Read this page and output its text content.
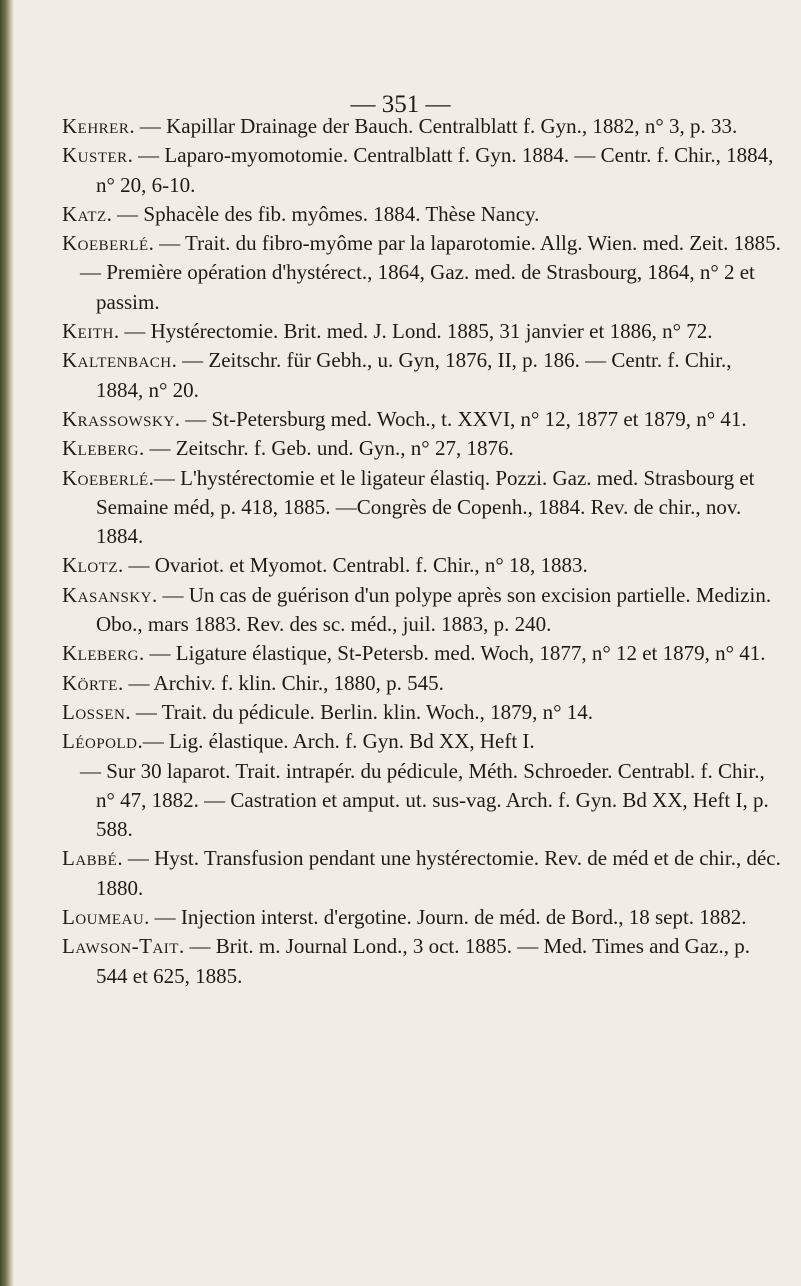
— 351 —

Kehrer. — Kapillar Drainage der Bauch. Centralblatt f. Gyn., 1882, n° 3, p. 33.

Kuster. — Laparo-myomotomie. Centralblatt f. Gyn. 1884. — Centr. f. Chir., 1884, n° 20, 6-10.

Katz. — Sphacèle des fib. myômes. 1884. Thèse Nancy.

Koeberlé. — Trait. du fibro-myôme par la laparotomie. Allg. Wien. med. Zeit. 1885.

— Première opération d'hystérect., 1864, Gaz. med. de Strasbourg, 1864, n° 2 et passim.

Keith. — Hystérectomie. Brit. med. J. Lond. 1885, 31 janvier et 1886, n° 72.

Kaltenbach. — Zeitschr. für Gebh., u. Gyn, 1876, II, p. 186. — Centr. f. Chir., 1884, n° 20.

Krassowsky. — St-Petersburg med. Woch., t. XXVI, n° 12, 1877 et 1879, n° 41.

Kleberg. — Zeitschr. f. Geb. und. Gyn., n° 27, 1876.

Koeberlé.— L'hystérectomie et le ligateur élastiq. Pozzi. Gaz. med. Strasbourg et Semaine méd, p. 418, 1885. —Congrès de Copenh., 1884. Rev. de chir., nov. 1884.

Klotz. — Ovariot. et Myomot. Centrabl. f. Chir., n° 18, 1883.

Kasansky. — Un cas de guérison d'un polype après son excision partielle. Medizin. Obo., mars 1883. Rev. des sc. méd., juil. 1883, p. 240.

Kleberg. — Ligature élastique, St-Petersb. med. Woch, 1877, n° 12 et 1879, n° 41.

Körte. — Archiv. f. klin. Chir., 1880, p. 545.

Lossen. — Trait. du pédicule. Berlin. klin. Woch., 1879, n° 14.

Léopold.— Lig. élastique. Arch. f. Gyn. Bd XX, Heft I.

— Sur 30 laparot. Trait. intrapér. du pédicule, Méth. Schroeder. Centrabl. f. Chir., n° 47, 1882. — Castration et amput. ut. sus-vag. Arch. f. Gyn. Bd XX, Heft I, p. 588.

Labbé. — Hyst. Transfusion pendant une hystérectomie. Rev. de méd et de chir., déc. 1880.

Loumeau. — Injection interst. d'ergotine. Journ. de méd. de Bord., 18 sept. 1882.

Lawson-Tait. — Brit. m. Journal Lond., 3 oct. 1885. — Med. Times and Gaz., p. 544 et 625, 1885.
